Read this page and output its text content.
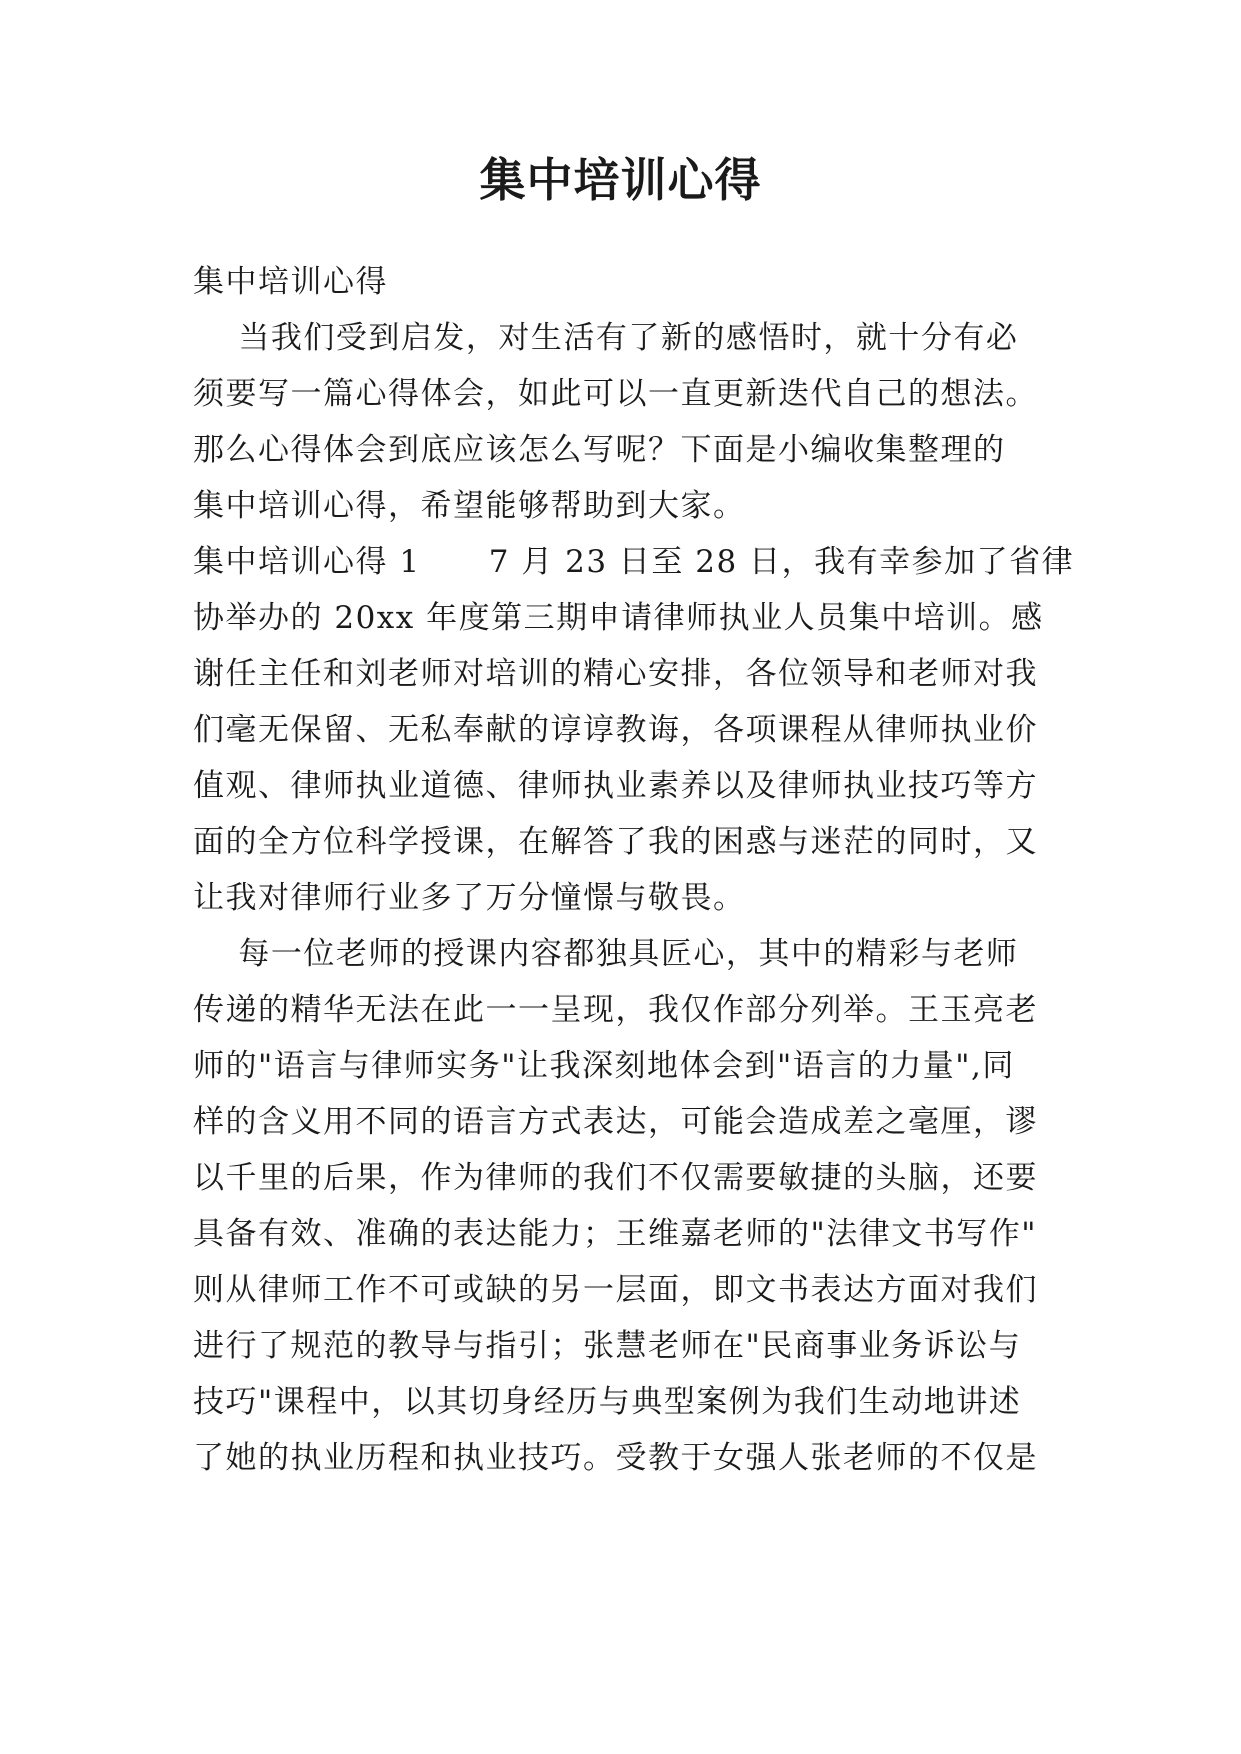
集中培训心得
集中培训心得
当我们受到启发，对生活有了新的感悟时，就十分有必
须要写一篇心得体会，如此可以一直更新迭代自己的想法。
那么心得体会到底应该怎么写呢？下面是小编收集整理的
集中培训心得，希望能够帮助到大家。
集中培训心得 1      7 月 23 日至 28 日，我有幸参加了省律
协举办的 20xx 年度第三期申请律师执业人员集中培训。感
谢任主任和刘老师对培训的精心安排，各位领导和老师对我
们毫无保留、无私奉献的谆谆教诲，各项课程从律师执业价
值观、律师执业道德、律师执业素养以及律师执业技巧等方
面的全方位科学授课，在解答了我的困惑与迷茫的同时，又
让我对律师行业多了万分憧憬与敬畏。
每一位老师的授课内容都独具匠心，其中的精彩与老师
传递的精华无法在此一一呈现，我仅作部分列举。王玉亮老
师的"语言与律师实务"让我深刻地体会到"语言的力量",同
样的含义用不同的语言方式表达，可能会造成差之毫厘，谬
以千里的后果，作为律师的我们不仅需要敏捷的头脑，还要
具备有效、准确的表达能力；王维嘉老师的"法律文书写作"
则从律师工作不可或缺的另一层面，即文书表达方面对我们
进行了规范的教导与指引；张慧老师在"民商事业务诉讼与
技巧"课程中，以其切身经历与典型案例为我们生动地讲述
了她的执业历程和执业技巧。受教于女强人张老师的不仅是
